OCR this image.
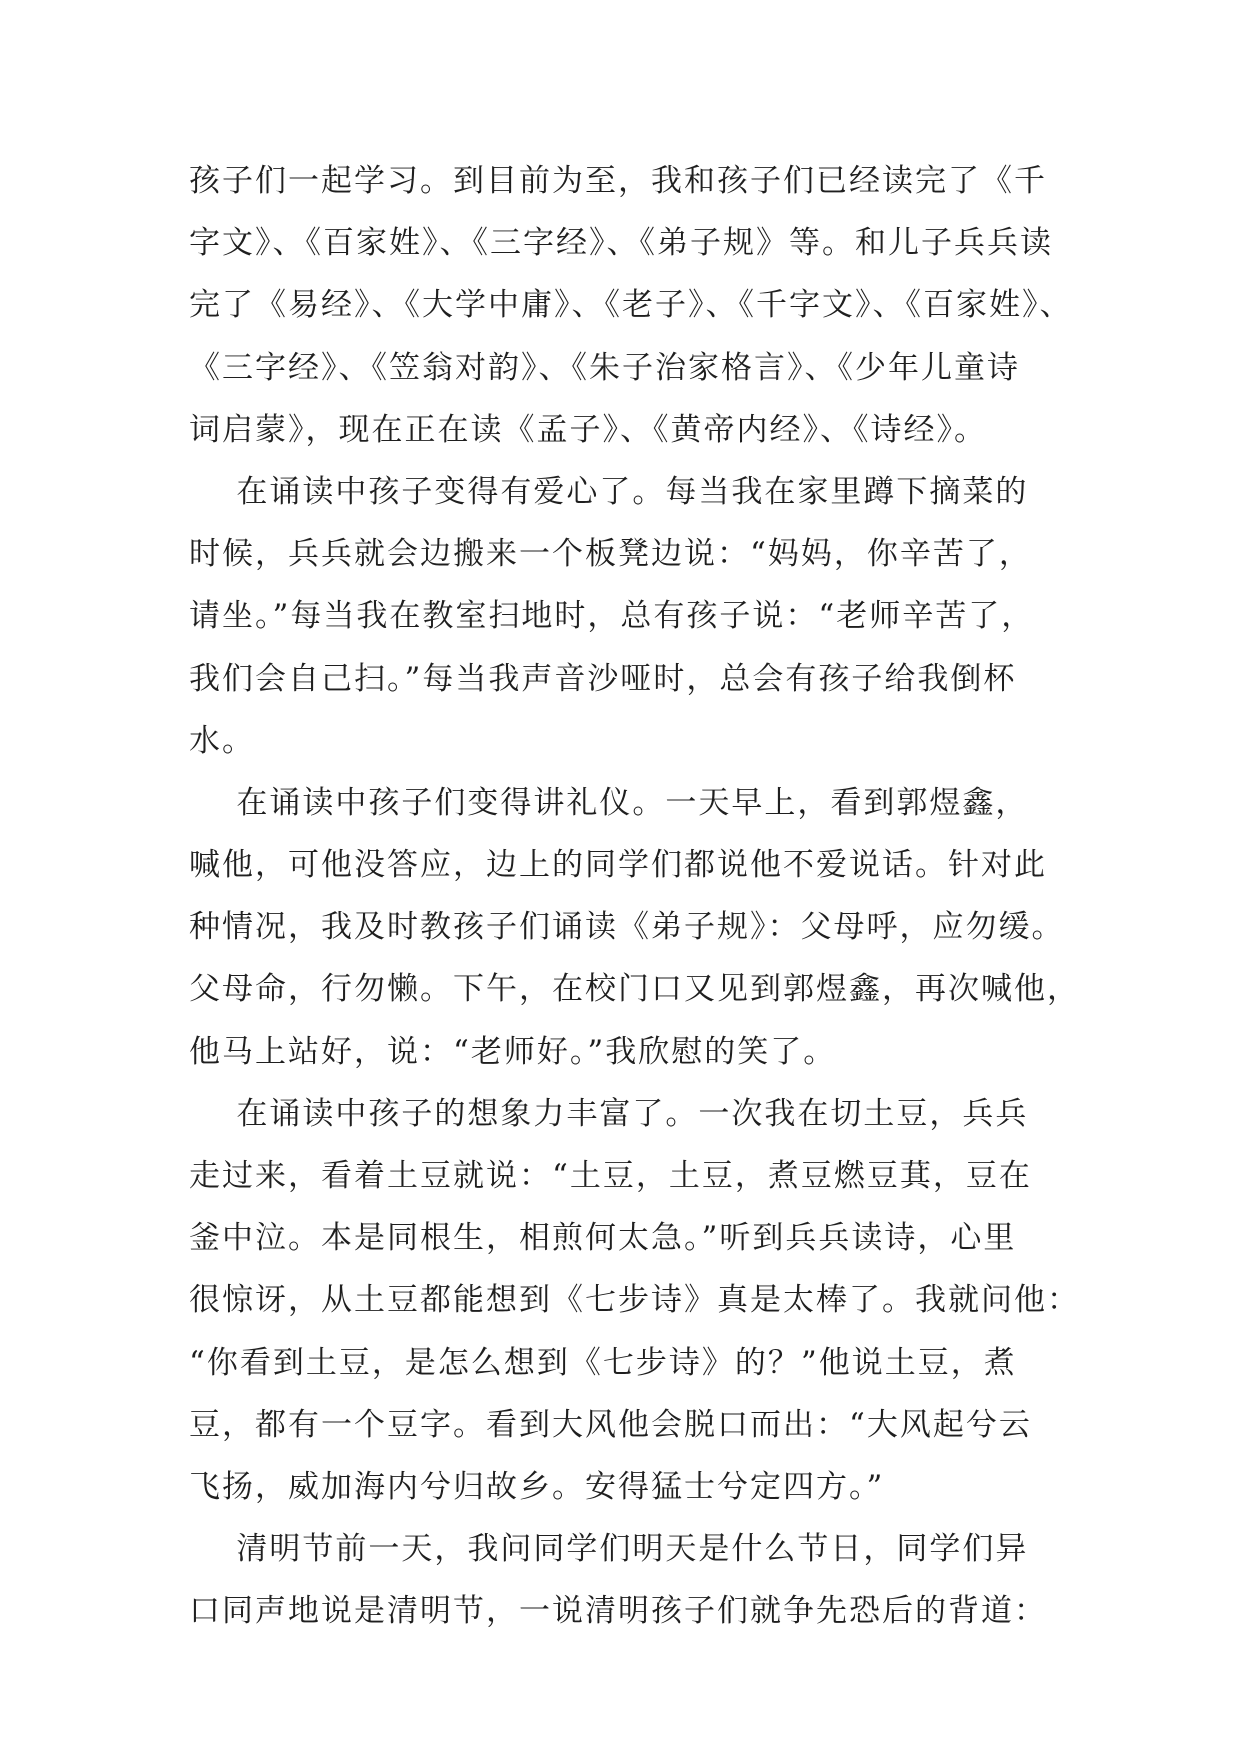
孩子们一起学习。到目前为至，我和孩子们已经读完了《千
字文》、《百家姓》、《三字经》、《弟子规》等。和儿子兵兵读
完了《易经》、《大学中庸》、《老子》、《千字文》、《百家姓》、
《三字经》、《笠翁对韵》、《朱子治家格言》、《少年儿童诗
词启蒙》，现在正在读《孟子》、《黄帝内经》、《诗经》。
在诵读中孩子变得有爱心了。每当我在家里蹲下摘菜的
时候，兵兵就会边搬来一个板凳边说：“妈妈，你辛苦了，
请坐。”每当我在教室扫地时，总有孩子说：“老师辛苦了，
我们会自己扫。”每当我声音沙哑时，总会有孩子给我倒杯
水。
在诵读中孩子们变得讲礼仪。一天早上，看到郭煜鑫，
喊他，可他没答应，边上的同学们都说他不爱说话。针对此
种情况，我及时教孩子们诵读《弟子规》：父母呼，应勿缓。
父母命，行勿懒。下午，在校门口又见到郭煜鑫，再次喊他，
他马上站好，说：“老师好。”我欣慰的笑了。
在诵读中孩子的想象力丰富了。一次我在切土豆，兵兵
走过来，看着土豆就说：“土豆，土豆，煮豆燃豆萁，豆在
釜中泣。本是同根生，相煎何太急。”听到兵兵读诗，心里
很惊讶，从土豆都能想到《七步诗》真是太棒了。我就问他：
“你看到土豆，是怎么想到《七步诗》的？”他说土豆，煮
豆，都有一个豆字。看到大风他会脱口而出：“大风起兮云
飞扬，威加海内兮归故乡。安得猛士兮定四方。”
清明节前一天，我问同学们明天是什么节日，同学们异
口同声地说是清明节，一说清明孩子们就争先恐后的背道：
